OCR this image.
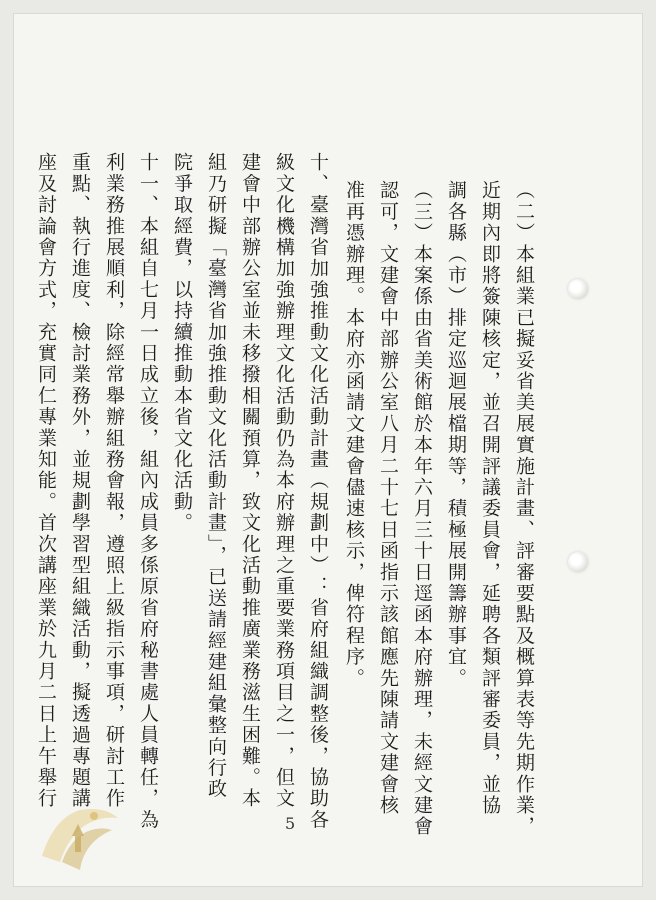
（二）本組業已擬妥省美展實施計畫、評審要點及概算表等先期作業，
近期內即將簽陳核定，並召開評議委員會，延聘各類評審委員，並協
調各縣（市）排定巡迴展檔期等，積極展開籌辦事宜。
（三）本案係由省美術館於本年六月三十日逕函本府辦理，未經文建會
認可，文建會中部辦公室八月二十七日函指示該館應先陳請文建會核
准再憑辦理。本府亦函請文建會儘速核示，俾符程序。
十、臺灣省加強推動文化活動計畫（規劃中）：省府組織調整後，協助各
級文化機構加強辦理文化活動仍為本府辦理之重要業務項目之一，但文
建會中部辦公室並未移撥相關預算，致文化活動推廣業務滋生困難。本
組乃研擬「臺灣省加強推動文化活動計畫」，已送請經建組彙整向行政
院爭取經費，以持續推動本省文化活動。
十一、本組自七月一日成立後，組內成員多係原省府秘書處人員轉任，為
利業務推展順利，除經常舉辦組務會報，遵照上級指示事項，研討工作
重點、執行進度、檢討業務外，並規劃學習型組織活動，擬透過專題講
座及討論會方式，充實同仁專業知能。首次講座業於九月二日上午舉行
5
